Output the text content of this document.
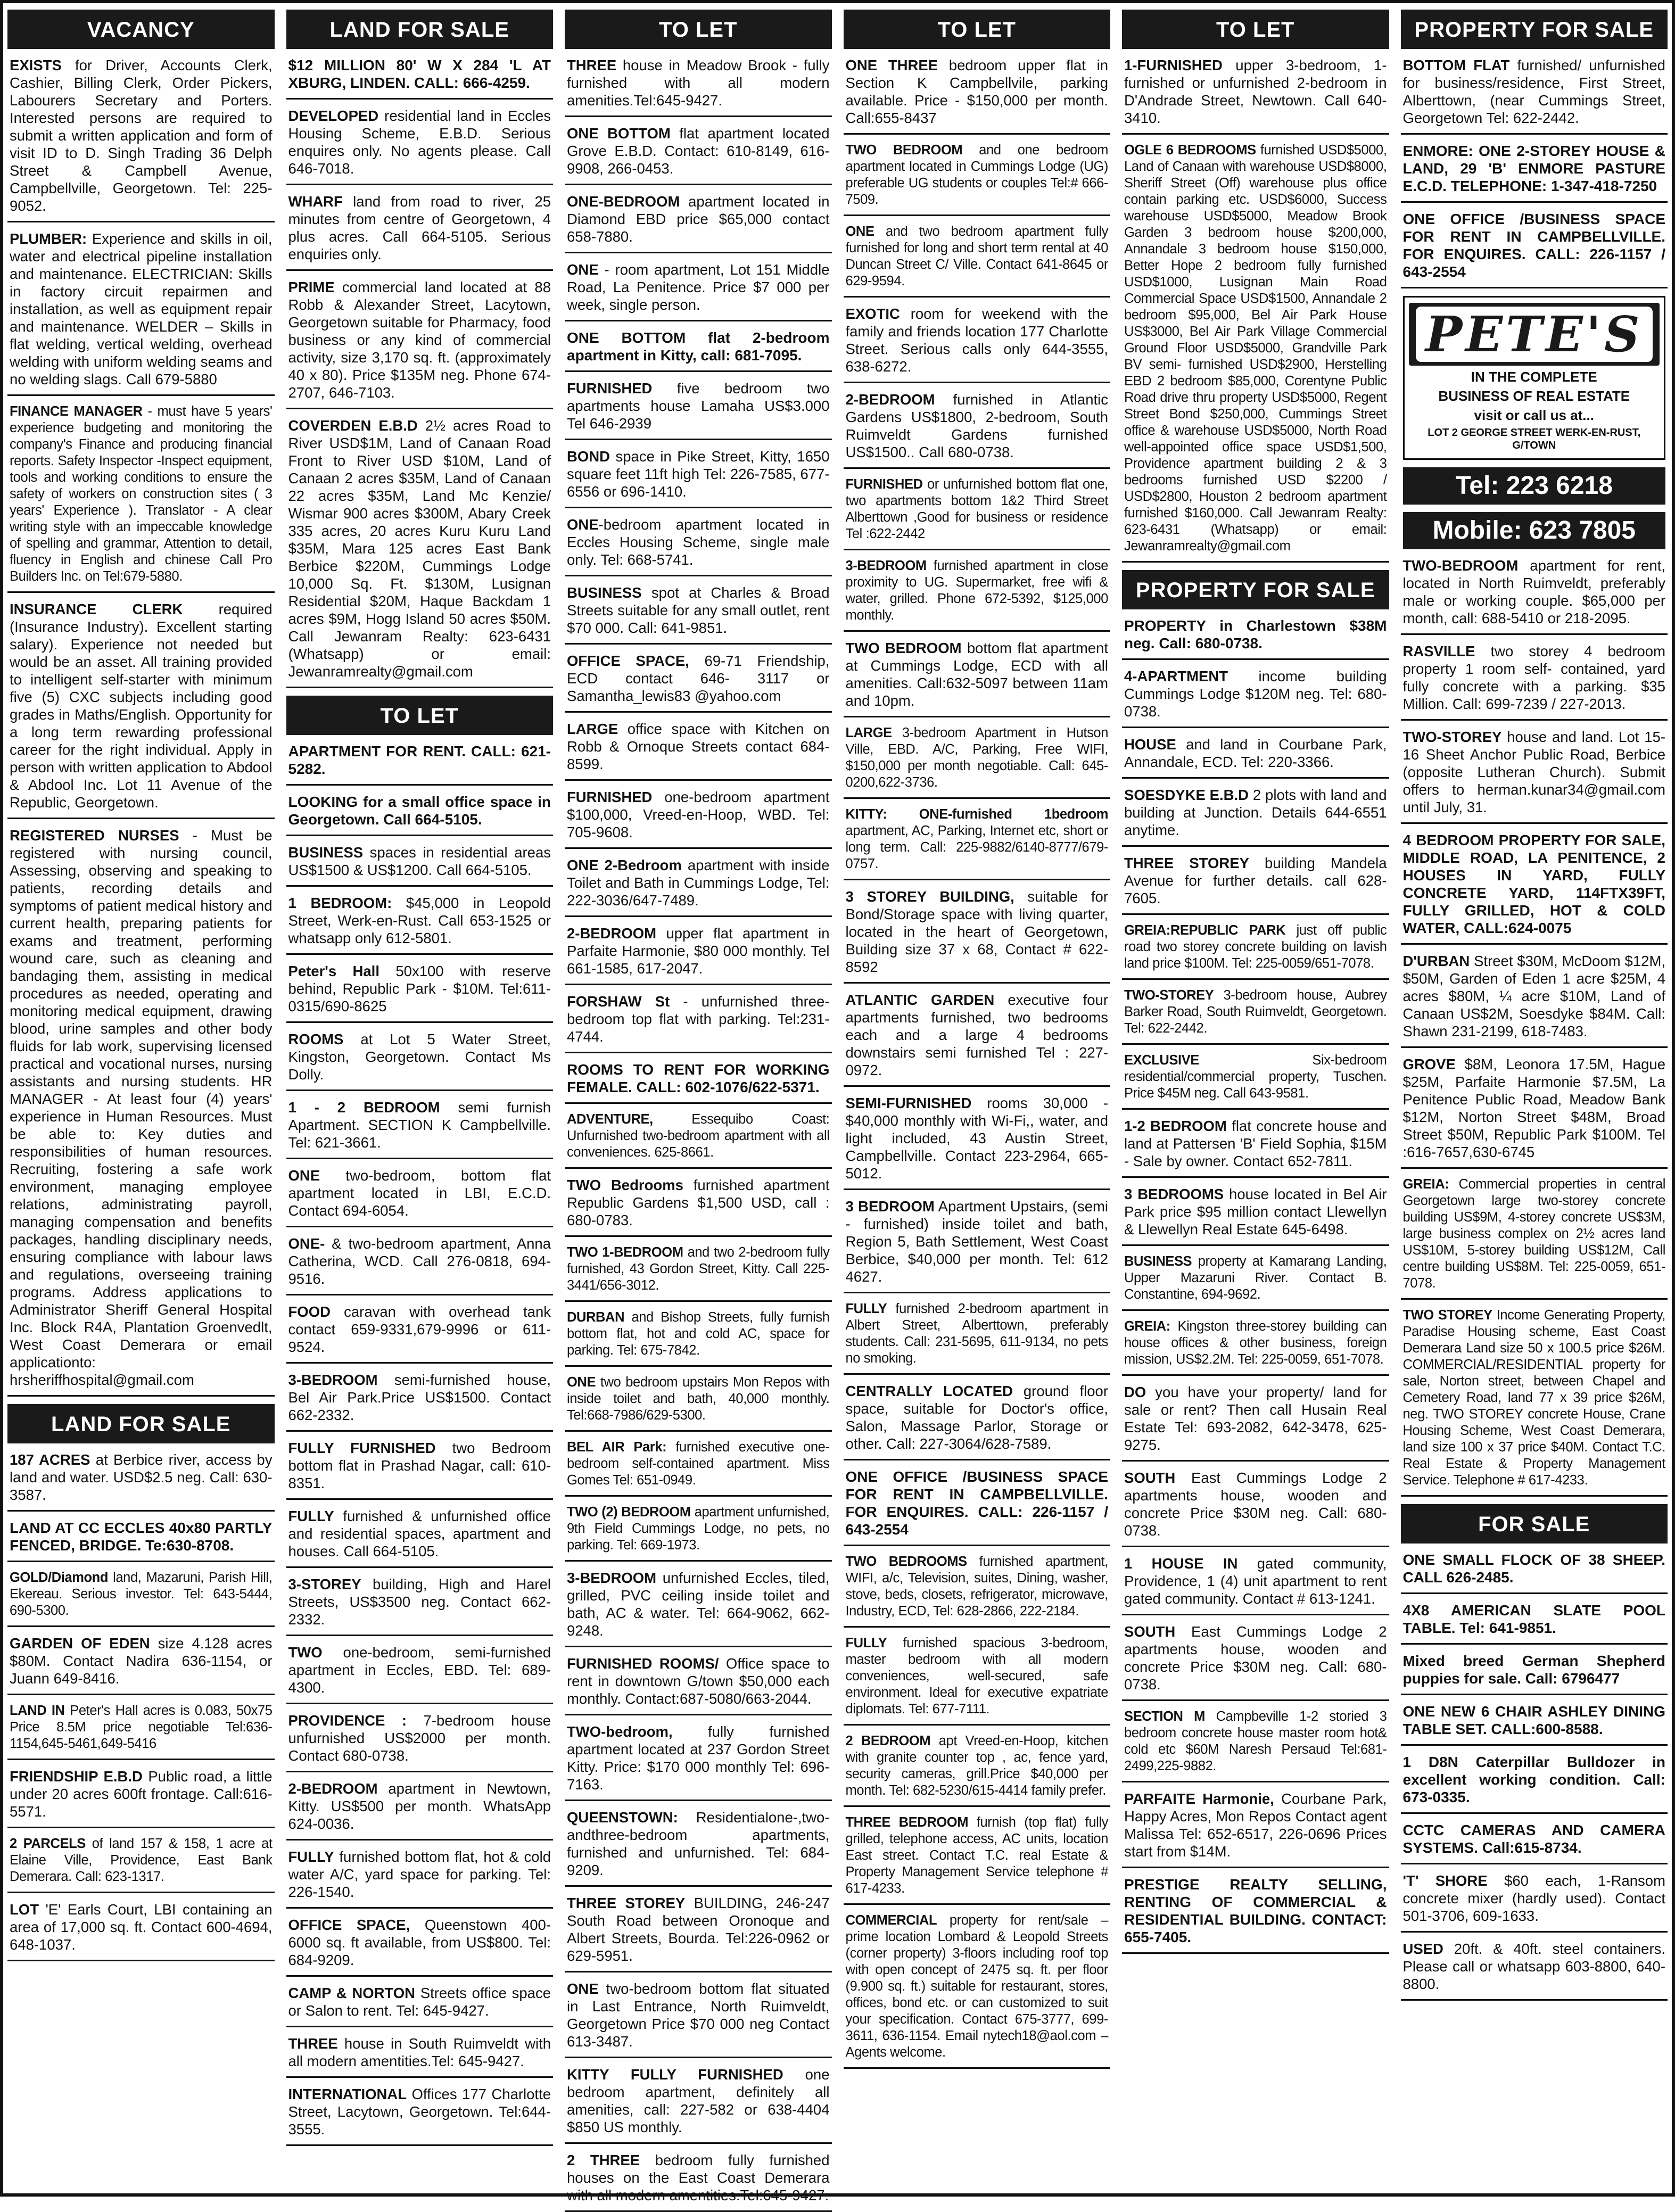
VACANCY
EXISTS for Driver, Accounts Clerk, Cashier, Billing Clerk, Order Pickers, Labourers Secretary and Porters. Interested persons are required to submit a written application and form of visit ID to D. Singh Trading 36 Delph Street & Campbell Avenue, Campbellville, Georgetown. Tel: 225-9052.
PLUMBER: Experience and skills in oil, water and electrical pipeline installation and maintenance. ELECTRICIAN: Skills in factory circuit repairmen and installation, as well as equipment repair and maintenance. WELDER – Skills in flat welding, vertical welding, overhead welding with uniform welding seams and no welding slags. Call 679-5880
FINANCE MANAGER - must have 5 years' experience budgeting and monitoring the company's Finance and producing financial reports. Safety Inspector -Inspect equipment, tools and working conditions to ensure the safety of workers on construction sites ( 3 years' Experience ). Translator - A clear writing style with an impeccable knowledge of spelling and grammar, Attention to detail, fluency in English and chinese Call Pro Builders Inc. on Tel:679-5880.
INSURANCE CLERK required (Insurance Industry). Excellent starting salary). Experience not needed but would be an asset. All training provided to intelligent self-starter with minimum five (5) CXC subjects including good grades in Maths/English. Opportunity for a long term rewarding professional career for the right individual. Apply in person with written application to Abdool & Abdool Inc. Lot 11 Avenue of the Republic, Georgetown.
REGISTERED NURSES - Must be registered with nursing council, Assessing, observing and speaking to patients, recording details and symptoms of patient medical history and current health, preparing patients for exams and treatment, performing wound care, such as cleaning and bandaging them, assisting in medical procedures as needed, operating and monitoring medical equipment, drawing blood, urine samples and other body fluids for lab work, supervising licensed practical and vocational nurses, nursing assistants and nursing students. HR MANAGER - At least four (4) years' experience in Human Resources. Must be able to: Key duties and responsibilities of human resources. Recruiting, fostering a safe work environment, managing employee relations, administrating payroll, managing compensation and benefits packages, handling disciplinary needs, ensuring compliance with labour laws and regulations, overseeing training programs. Address applications to Administrator Sheriff General Hospital Inc. Block R4A, Plantation Groenvedlt, West Coast Demerara or email applicationto: hrsheriffhospital@gmail.com
LAND FOR SALE
187 ACRES at Berbice river, access by land and water. USD$2.5 neg. Call: 630-3587.
LAND AT CC ECCLES 40x80 PARTLY FENCED, BRIDGE. Te:630-8708.
GOLD/Diamond land, Mazaruni, Parish Hill, Ekereau. Serious investor. Tel: 643-5444, 690-5300.
GARDEN OF EDEN size 4.128 acres $80M. Contact Nadira 636-1154, or Juann 649-8416.
LAND IN Peter's Hall acres is 0.083, 50x75 Price 8.5M price negotiable Tel:636-1154,645-5461,649-5416
FRIENDSHIP E.B.D Public road, a little under 20 acres 600ft frontage. Call:616-5571.
2 PARCELS of land 157 & 158, 1 acre at Elaine Ville, Providence, East Bank Demerara. Call: 623-1317.
LOT 'E' Earls Court, LBI containing an area of 17,000 sq. ft. Contact 600-4694, 648-1037.
LAND FOR SALE
$12 MILLION 80' W X 284 'L AT XBURG, LINDEN. CALL: 666-4259.
DEVELOPED residential land in Eccles Housing Scheme, E.B.D. Serious enquires only. No agents please. Call 646-7018.
WHARF land from road to river, 25 minutes from centre of Georgetown, 4 plus acres. Call 664-5105. Serious enquiries only.
PRIME commercial land located at 88 Robb & Alexander Street, Lacytown, Georgetown suitable for Pharmacy, food business or any kind of commercial activity, size 3,170 sq. ft. (approximately 40 x 80). Price $135M neg. Phone 674-2707, 646-7103.
COVERDEN E.B.D 2½ acres Road to River USD$1M, Land of Canaan Road Front to River USD $10M, Land of Canaan 2 acres $35M, Land of Canaan 22 acres $35M, Land Mc Kenzie/ Wismar 900 acres $300M, Abary Creek 335 acres, 20 acres Kuru Kuru Land $35M, Mara 125 acres East Bank Berbice $220M, Cummings Lodge 10,000 Sq. Ft. $130M, Lusignan Residential $20M, Haque Backdam 1 acres $9M, Hogg Island 50 acres $50M. Call Jewanram Realty: 623-6431 (Whatsapp) or email: Jewanramrealty@gmail.com
TO LET
APARTMENT FOR RENT. CALL: 621-5282.
LOOKING for a small office space in Georgetown. Call 664-5105.
BUSINESS spaces in residential areas US$1500 & US$1200. Call 664-5105.
1 BEDROOM: $45,000 in Leopold Street, Werk-en-Rust. Call 653-1525 or whatsapp only 612-5801.
Peter's Hall 50x100 with reserve behind, Republic Park - $10M. Tel:611-0315/690-8625
ROOMS at Lot 5 Water Street, Kingston, Georgetown. Contact Ms Dolly.
1 - 2 BEDROOM semi furnish Apartment. SECTION K Campbellville. Tel: 621-3661.
ONE two-bedroom, bottom flat apartment located in LBI, E.C.D. Contact 694-6054.
ONE- & two-bedroom apartment, Anna Catherina, WCD. Call 276-0818, 694-9516.
FOOD caravan with overhead tank contact 659-9331,679-9996 or 611-9524.
3-BEDROOM semi-furnished house, Bel Air Park.Price US$1500. Contact 662-2332.
FULLY FURNISHED two Bedroom bottom flat in Prashad Nagar, call: 610-8351.
FULLY furnished & unfurnished office and residential spaces, apartment and houses. Call 664-5105.
3-STOREY building, High and Harel Streets, US$3500 neg. Contact 662-2332.
TWO one-bedroom, semi-furnished apartment in Eccles, EBD. Tel: 689-4300.
PROVIDENCE : 7-bedroom house unfurnished US$2000 per month. Contact 680-0738.
2-BEDROOM apartment in Newtown, Kitty. US$500 per month. WhatsApp 624-0036.
FULLY furnished bottom flat, hot & cold water A/C, yard space for parking. Tel: 226-1540.
OFFICE SPACE, Queenstown 400-6000 sq. ft available, from US$800. Tel: 684-9209.
CAMP & NORTON Streets office space or Salon to rent. Tel: 645-9427.
THREE house in South Ruimveldt with all modern amentities.Tel: 645-9427.
INTERNATIONAL Offices 177 Charlotte Street, Lacytown, Georgetown. Tel:644-3555.
TO LET
THREE house in Meadow Brook - fully furnished with all modern amenities.Tel:645-9427.
ONE BOTTOM flat apartment located Grove E.B.D. Contact: 610-8149, 616-9908, 266-0453.
ONE-BEDROOM apartment located in Diamond EBD price $65,000 contact 658-7880.
ONE - room apartment, Lot 151 Middle Road, La Penitence. Price $7 000 per week, single person.
ONE BOTTOM flat 2-bedroom apartment in Kitty, call: 681-7095.
FURNISHED five bedroom two apartments house Lamaha US$3.000 Tel 646-2939
BOND space in Pike Street, Kitty, 1650 square feet 11ft high Tel: 226-7585, 677-6556 or 696-1410.
ONE-bedroom apartment located in Eccles Housing Scheme, single male only. Tel: 668-5741.
BUSINESS spot at Charles & Broad Streets suitable for any small outlet, rent $70 000. Call: 641-9851.
OFFICE SPACE, 69-71 Friendship, ECD contact 646- 3117 or Samantha_lewis83 @yahoo.com
LARGE office space with Kitchen on Robb & Ornoque Streets contact 684-8599.
FURNISHED one-bedroom apartment $100,000, Vreed-en-Hoop, WBD. Tel: 705-9608.
ONE 2-Bedroom apartment with inside Toilet and Bath in Cummings Lodge, Tel: 222-3036/647-7489.
2-BEDROOM upper flat apartment in Parfaite Harmonie, $80 000 monthly. Tel 661-1585, 617-2047.
FORSHAW St - unfurnished three-bedroom top flat with parking. Tel:231-4744.
ROOMS TO RENT FOR WORKING FEMALE. CALL: 602-1076/622-5371.
ADVENTURE, Essequibo Coast: Unfurnished two-bedroom apartment with all conveniences. 625-8661.
TWO Bedrooms furnished apartment Republic Gardens $1,500 USD, call : 680-0783.
TWO 1-BEDROOM and two 2-bedroom fully furnished, 43 Gordon Street, Kitty. Call 225- 3441/656-3012.
DURBAN and Bishop Streets, fully furnish bottom flat, hot and cold AC, space for parking. Tel: 675-7842.
ONE two bedroom upstairs Mon Repos with inside toilet and bath, 40,000 monthly. Tel:668-7986/629-5300.
BEL AIR Park: furnished executive one-bedroom self-contained apartment. Miss Gomes Tel: 651-0949.
TWO (2) BEDROOM apartment unfurnished, 9th Field Cummings Lodge, no pets, no parking. Tel: 669-1973.
3-BEDROOM unfurnished Eccles, tiled, grilled, PVC ceiling inside toilet and bath, AC & water. Tel: 664-9062, 662-9248.
FURNISHED ROOMS/ Office space to rent in downtown G/town $50,000 each monthly. Contact:687-5080/663-2044.
TWO-bedroom, fully furnished apartment located at 237 Gordon Street Kitty. Price: $170 000 monthly Tel: 696-7163.
QUEENSTOWN: Residentialone-,two-andthree-bedroom apartments, furnished and unfurnished. Tel: 684-9209.
THREE STOREY BUILDING, 246-247 South Road between Oronoque and Albert Streets, Bourda. Tel:226-0962 or 629-5951.
ONE two-bedroom bottom flat situated in Last Entrance, North Ruimveldt, Georgetown Price $70 000 neg Contact 613-3487.
KITTY FULLY FURNISHED one bedroom apartment, definitely all amenities, call: 227-582 or 638-4404 $850 US monthly.
2 THREE bedroom fully furnished houses on the East Coast Demerara with all modern amentities.Tel:645-9427.
TO LET
ONE THREE bedroom upper flat in Section K Campbellvile, parking available. Price - $150,000 per month. Call:655-8437
TWO BEDROOM and one bedroom apartment located in Cummings Lodge (UG) preferable UG students or couples Tel:# 666-7509.
ONE and two bedroom apartment fully furnished for long and short term rental at 40 Duncan Street C/ Ville. Contact 641-8645 or 629-9594.
EXOTIC room for weekend with the family and friends location 177 Charlotte Street. Serious calls only 644-3555, 638-6272.
2-BEDROOM furnished in Atlantic Gardens US$1800, 2-bedroom, South Ruimveldt Gardens furnished US$1500.. Call 680-0738.
FURNISHED or unfurnished bottom flat one, two apartments bottom 1&2 Third Street Alberttown ,Good for business or residence Tel :622-2442
3-BEDROOM furnished apartment in close proximity to UG. Supermarket, free wifi & water, grilled. Phone 672-5392, $125,000 monthly.
TWO BEDROOM bottom flat apartment at Cummings Lodge, ECD with all amenities. Call:632-5097 between 11am and 10pm.
LARGE 3-bedroom Apartment in Hutson Ville, EBD. A/C, Parking, Free WIFI, $150,000 per month negotiable. Call: 645-0200,622-3736.
KITTY: ONE-furnished 1bedroom apartment, AC, Parking, Internet etc, short or long term. Call: 225-9882/6140-8777/679-0757.
3 STOREY BUILDING, suitable for Bond/Storage space with living quarter, located in the heart of Georgetown, Building size 37 x 68, Contact # 622-8592
ATLANTIC GARDEN executive four apartments furnished, two bedrooms each and a large 4 bedrooms downstairs semi furnished Tel : 227-0972.
SEMI-FURNISHED rooms 30,000 - $40,000 monthly with Wi-Fi,, water, and light included, 43 Austin Street, Campbellville. Contact 223-2964, 665-5012.
3 BEDROOM Apartment Upstairs, (semi - furnished) inside toilet and bath, Region 5, Bath Settlement, West Coast Berbice, $40,000 per month. Tel: 612 4627.
FULLY furnished 2-bedroom apartment in Albert Street, Alberttown, preferably students. Call: 231-5695, 611-9134, no pets no smoking.
CENTRALLY LOCATED ground floor space, suitable for Doctor's office, Salon, Massage Parlor, Storage or other. Call: 227-3064/628-7589.
ONE OFFICE /BUSINESS SPACE FOR RENT IN CAMPBELLVILLE. FOR ENQUIRES. CALL: 226-1157 / 643-2554
TWO BEDROOMS furnished apartment, WIFI, a/c, Television, suites, Dining, washer, stove, beds, closets, refrigerator, microwave, Industry, ECD, Tel: 628-2866, 222-2184.
FULLY furnished spacious 3-bedroom, master bedroom with all modern conveniences, well-secured, safe environment. Ideal for executive expatriate diplomats. Tel: 677-7111.
2 BEDROOM apt Vreed-en-Hoop, kitchen with granite counter top , ac, fence yard, security cameras, grill.Price $40,000 per month. Tel: 682-5230/615-4414 family prefer.
THREE BEDROOM furnish (top flat) fully grilled, telephone access, AC units, location East street. Contact T.C. real Estate & Property Management Service telephone # 617-4233.
COMMERCIAL property for rent/sale – prime location Lombard & Leopold Streets (corner property) 3-floors including roof top with open concept of 2475 sq. ft. per floor (9.900 sq. ft.) suitable for restaurant, stores, offices, bond etc. or can customized to suit your specification. Contact 675-3777, 699-3611, 636-1154. Email nytech18@aol.com – Agents welcome.
TO LET
1-FURNISHED upper 3-bedroom, 1-furnished or unfurnished 2-bedroom in D'Andrade Street, Newtown. Call 640-3410.
OGLE 6 BEDROOMS furnished USD$5000, Land of Canaan with warehouse USD$8000, Sheriff Street (Off) warehouse plus office contain parking etc. USD$6000, Success warehouse USD$5000, Meadow Brook Garden 3 bedroom house $200,000, Annandale 3 bedroom house $150,000, Better Hope 2 bedroom fully furnished USD$1000, Lusignan Main Road Commercial Space USD$1500, Annandale 2 bedroom $95,000, Bel Air Park House US$3000, Bel Air Park Village Commercial Ground Floor USD$5000, Grandville Park BV semi- furnished USD$2900, Herstelling EBD 2 bedroom $85,000, Corentyne Public Road drive thru property USD$5000, Regent Street Bond $250,000, Cummings Street office & warehouse USD$5000, North Road well-appointed office space USD$1,500, Providence apartment building 2 & 3 bedrooms furnished USD $2200 / USD$2800, Houston 2 bedroom apartment furnished $160,000. Call Jewanram Realty: 623-6431 (Whatsapp) or email: Jewanramrealty@gmail.com
PROPERTY FOR SALE
PROPERTY in Charlestown $38M neg. Call: 680-0738.
4-APARTMENT income building Cummings Lodge $120M neg. Tel: 680-0738.
HOUSE and land in Courbane Park, Annandale, ECD. Tel: 220-3366.
SOESDYKE E.B.D 2 plots with land and building at Junction. Details 644-6551 anytime.
THREE STOREY building Mandela Avenue for further details. call 628-7605.
GREIA:REPUBLIC PARK just off public road two storey concrete building on lavish land price $100M. Tel: 225-0059/651-7078.
TWO-STOREY 3-bedroom house, Aubrey Barker Road, South Ruimveldt, Georgetown. Tel: 622-2442.
EXCLUSIVE Six-bedroom residential/commercial property, Tuschen. Price $45M neg. Call 643-9581.
1-2 BEDROOM flat concrete house and land at Pattersen 'B' Field Sophia, $15M - Sale by owner. Contact 652-7811.
3 BEDROOMS house located in Bel Air Park price $95 million contact Llewellyn & Llewellyn Real Estate 645-6498.
BUSINESS property at Kamarang Landing, Upper Mazaruni River. Contact B. Constantine, 694-9692.
GREIA: Kingston three-storey building can house offices & other business, foreign mission, US$2.2M. Tel: 225-0059, 651-7078.
DO you have your property/ land for sale or rent? Then call Husain Real Estate Tel: 693-2082, 642-3478, 625-9275.
SOUTH East Cummings Lodge 2 apartments house, wooden and concrete Price $30M neg. Call: 680-0738.
1 HOUSE IN gated community, Providence, 1 (4) unit apartment to rent gated community. Contact # 613-1241.
SOUTH East Cummings Lodge 2 apartments house, wooden and concrete Price $30M neg. Call: 680-0738.
SECTION M Campbeville 1-2 storied 3 bedroom concrete house master room hot& cold etc $60M Naresh Persaud Tel:681-2499,225-9882.
PARFAITE Harmonie, Courbane Park, Happy Acres, Mon Repos Contact agent Malissa Tel: 652-6517, 226-0696 Prices start from $14M.
PRESTIGE REALTY SELLING, RENTING OF COMMERCIAL & RESIDENTIAL BUILDING. CONTACT: 655-7405.
PROPERTY FOR SALE
BOTTOM FLAT furnished/ unfurnished for business/residence, First Street, Alberttown, (near Cummings Street, Georgetown Tel: 622-2442.
ENMORE: ONE 2-STOREY HOUSE & LAND, 29 'B' ENMORE PASTURE E.C.D. TELEPHONE: 1-347-418-7250
ONE OFFICE /BUSINESS SPACE FOR RENT IN CAMPBELLVILLE. FOR ENQUIRES. CALL: 226-1157 / 643-2554
PETE'S
IN THE COMPLETE
BUSINESS OF REAL ESTATE
visit or call us at...
LOT 2 GEORGE STREET WERK-EN-RUST, G/TOWN
Tel: 223 6218
Mobile: 623 7805
TWO-BEDROOM apartment for rent, located in North Ruimveldt, preferably male or working couple. $65,000 per month, call: 688-5410 or 218-2095.
RASVILLE two storey 4 bedroom property 1 room self- contained, yard fully concrete with a parking. $35 Million. Call: 699-7239 / 227-2013.
TWO-STOREY house and land. Lot 15-16 Sheet Anchor Public Road, Berbice (opposite Lutheran Church). Submit offers to herman.kunar34@gmail.com until July, 31.
4 BEDROOM PROPERTY FOR SALE, MIDDLE ROAD, LA PENITENCE, 2 HOUSES IN YARD, FULLY CONCRETE YARD, 114FTX39FT, FULLY GRILLED, HOT & COLD WATER, CALL:624-0075
D'URBAN Street $30M, McDoom $12M, $50M, Garden of Eden 1 acre $25M, 4 acres $80M, ¼ acre $10M, Land of Canaan US$2M, Soesdyke $84M. Call: Shawn 231-2199, 618-7483.
GROVE $8M, Leonora 17.5M, Hague $25M, Parfaite Harmonie $7.5M, La Penitence Public Road, Meadow Bank $12M, Norton Street $48M, Broad Street $50M, Republic Park $100M. Tel :616-7657,630-6745
GREIA: Commercial properties in central Georgetown large two-storey concrete building US$9M, 4-storey concrete US$3M, large business complex on 2½ acres land US$10M, 5-storey building US$12M, Call centre building US$8M. Tel: 225-0059, 651-7078.
TWO STOREY Income Generating Property, Paradise Housing scheme, East Coast Demerara Land size 50 x 100.5 price $26M. COMMERCIAL/RESIDENTIAL property for sale, Norton street, between Chapel and Cemetery Road, land 77 x 39 price $26M, neg. TWO STOREY concrete House, Crane Housing Scheme, West Coast Demerara, land size 100 x 37 price $40M. Contact T.C. Real Estate & Property Management Service. Telephone # 617-4233.
FOR SALE
ONE SMALL FLOCK OF 38 SHEEP. CALL 626-2485.
4X8 AMERICAN SLATE POOL TABLE. Tel: 641-9851.
Mixed breed German Shepherd puppies for sale. Call: 6796477
ONE NEW 6 CHAIR ASHLEY DINING TABLE SET. CALL:600-8588.
1 D8N Caterpillar Bulldozer in excellent working condition. Call: 673-0335.
CCTC CAMERAS AND CAMERA SYSTEMS. Call:615-8734.
'T' SHORE $60 each, 1-Ransom concrete mixer (hardly used). Contact 501-3706, 609-1633.
USED 20ft. & 40ft. steel containers. Please call or whatsapp 603-8800, 640-8800.
